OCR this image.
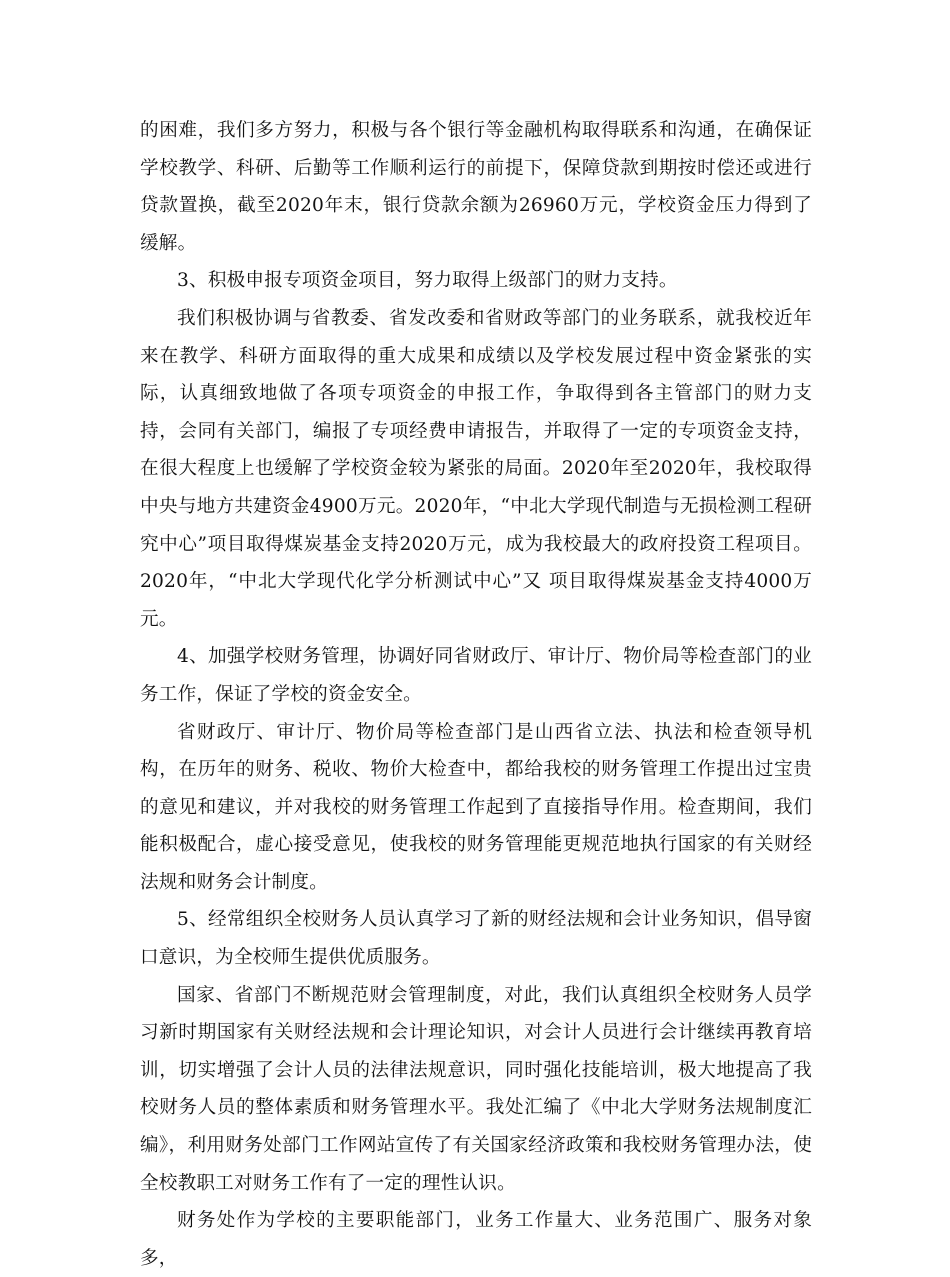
的困难，我们多方努力，积极与各个银行等金融机构取得联系和沟通，在确保证学校教学、科研、后勤等工作顺利运行的前提下，保障贷款到期按时偿还或进行贷款置换，截至2020年末，银行贷款余额为26960万元，学校资金压力得到了缓解。

3、积极申报专项资金项目，努力取得上级部门的财力支持。

我们积极协调与省教委、省发改委和省财政等部门的业务联系，就我校近年来在教学、科研方面取得的重大成果和成绩以及学校发展过程中资金紧张的实际，认真细致地做了各项专项资金的申报工作，争取得到各主管部门的财力支持，会同有关部门，编报了专项经费申请报告，并取得了一定的专项资金支持，在很大程度上也缓解了学校资金较为紧张的局面。2020年至2020年，我校取得中央与地方共建资金4900万元。2020年，“中北大学现代制造与无损检测工程研究中心”项目取得煤炭基金支持2020万元，成为我校最大的政府投资工程项目。2020年，“中北大学现代化学分析测试中心”又 项目取得煤炭基金支持4000万元。

4、加强学校财务管理，协调好同省财政厅、审计厅、物价局等检查部门的业务工作，保证了学校的资金安全。

省财政厅、审计厅、物价局等检查部门是山西省立法、执法和检查领导机构，在历年的财务、税收、物价大检查中，都给我校的财务管理工作提出过宝贵的意见和建议，并对我校的财务管理工作起到了直接指导作用。检查期间，我们能积极配合，虚心接受意见，使我校的财务管理能更规范地执行国家的有关财经法规和财务会计制度。

5、经常组织全校财务人员认真学习了新的财经法规和会计业务知识，倡导窗口意识，为全校师生提供优质服务。

国家、省部门不断规范财会管理制度，对此，我们认真组织全校财务人员学习新时期国家有关财经法规和会计理论知识，对会计人员进行会计继续再教育培训，切实增强了会计人员的法律法规意识，同时强化技能培训，极大地提高了我校财务人员的整体素质和财务管理水平。我处汇编了《中北大学财务法规制度汇编》，利用财务处部门工作网站宣传了有关国家经济政策和我校财务管理办法，使全校教职工对财务工作有了一定的理性认识。

财务处作为学校的主要职能部门，业务工作量大、业务范围广、服务对象多，
